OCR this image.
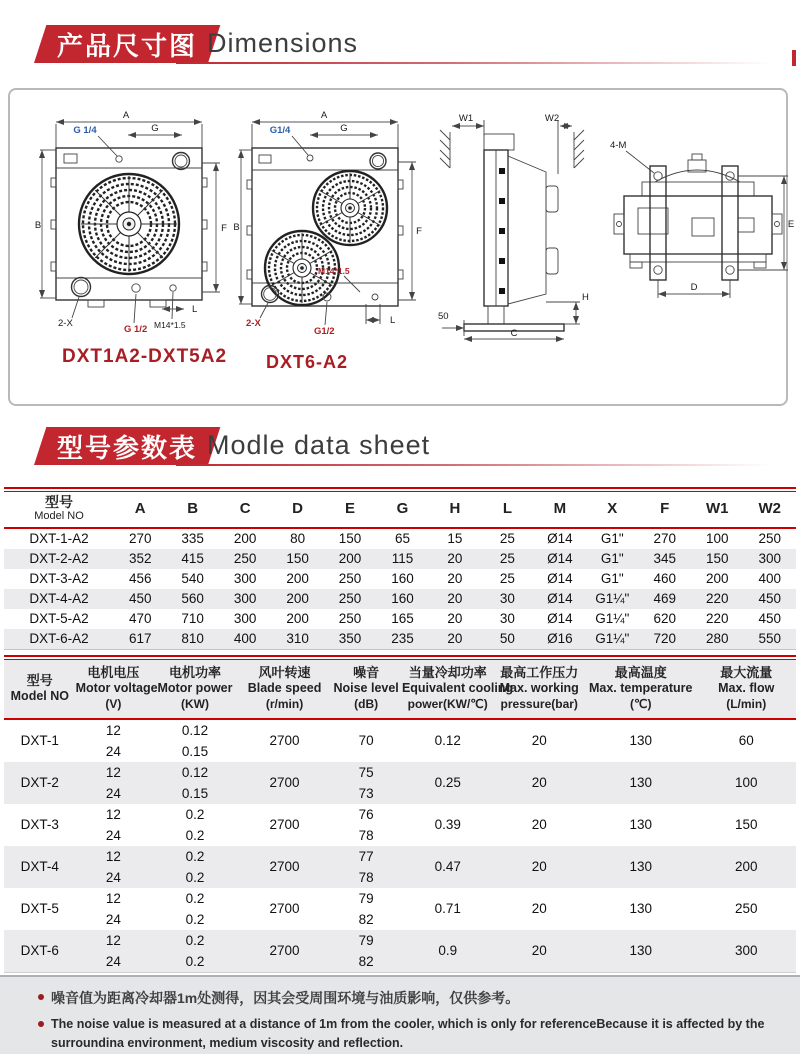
产品尺寸图 Dimensions
A
G
G 1/4
B	F
2-X
G 1/2 M14*1.5
L
A
G
G1/4
B	F
M14*1.5
2-X
G1/2
L
W1	W2
50
H
C
4-M
E
D
DXT1A2-DXT5A2 DXT6-A2
型号参数表 Modle data sheet
型号
Model NO	A	B	C	D	E	G	H	L	M	X	F	W1	W2
DXT-1-A2	270	335	200	80	150	65	15	25	Ø14	G1"	270	100	250
DXT-2-A2	352	415	250	150	200	115	20	25	Ø14	G1"	345	150	300
DXT-3-A2	456	540	300	200	250	160	20	25	Ø14	G1"	460	200	400
DXT-4-A2	450	560	300	200	250	160	20	30	Ø14	G1¼"	469	220	450
DXT-5-A2	470	710	300	200	250	165	20	30	Ø14	G1¼"	620	220	450
DXT-6-A2	617	810	400	310	350	235	20	50	Ø16	G1¼"	720	280	550
型号
Model NO

电机电压
Motor voltage
(V)

电机功率
Motor power
(KW)

风叶转速
Blade speed
(r/min)

噪音
Noise level
(dB)

当量冷却功率
Equivalent cooling
power(KW/℃)

最高工作压力
Max. working
pressure(bar)

最高温度
Max. temperature
(℃)

最大流量
Max. flow
(L/min)

DXT-1	12	0.12	2700	70	0.12	20	130	60
	24	0.15						
DXT-2	12	0.12	2700	75	0.25	20	130	100
	24	0.15		73				
DXT-3	12	0.2	2700	76	0.39	20	130	150
	24	0.2		78				
DXT-4	12	0.2	2700	77	0.47	20	130	200
	24	0.2		78				
DXT-5	12	0.2	2700	79	0.71	20	130	250
	24	0.2		82				
DXT-6	12	0.2	2700	79	0.9	20	130	300
	24	0.2		82				
噪音值为距离冷却器1m处测得，因其会受周围环境与油质影响，仅供参考。
The noise value is measured at a distance of 1m from the cooler, which is only for referenceBecause it is affected by the surroundina environment, medium viscosity and reflection.
